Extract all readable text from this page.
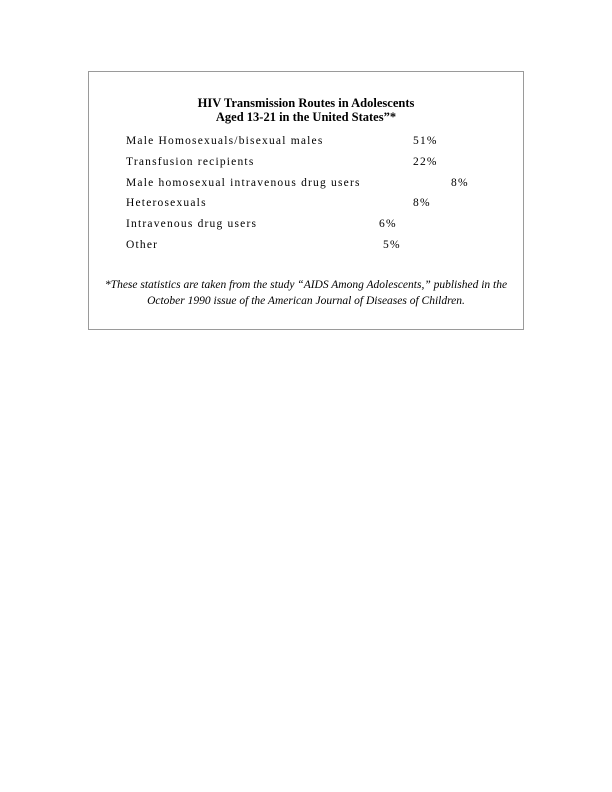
HIV Transmission Routes in Adolescents
Aged 13-21 in the United States”*
Male Homosexuals/bisexual males	51%
Transfusion recipients	22%
Male homosexual intravenous drug users	8%
Heterosexuals	8%
Intravenous drug users	6%
Other	5%
*These statistics are taken from the study “AIDS Among Adolescents,” published in the
October 1990 issue of the American Journal of Diseases of Children.
